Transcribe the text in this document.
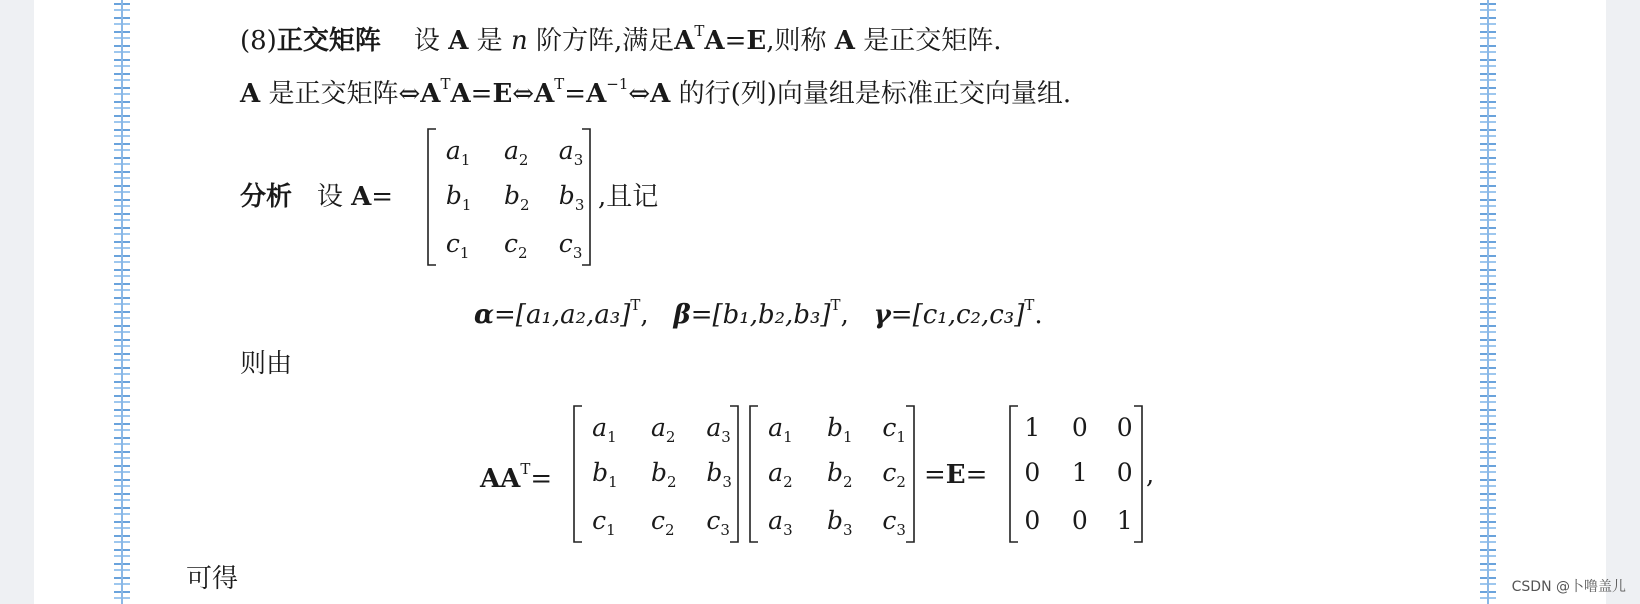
(8)正交矩阵 设 A 是 n 阶方阵,满足$A^TA=E$,则称 A 是正交矩阵.
A 是正交矩阵$\Leftrightarrow A^TA=E\Leftrightarrow A^T=A^{-1}\Leftrightarrow A$ 的行(列)向量组是标准正交向量组.
分析 设 A=
$a_1$ $a_2$ $a_3$
$b_1$ $b_2$ $b_3$
$c_1$ $c_2$ $c_3$
,且记
$\alpha=[a_1,a_2,a_3]^T$, $\beta=[b_1,b_2,b_3]^T$, $\gamma=[c_1,c_2,c_3]^T$.
则由
$AA^T=$
$a_1$ $a_2$ $a_3$
$b_1$ $b_2$ $b_3$
$c_1$ $c_2$ $c_3$
$a_1$ $b_1$ $c_1$
$a_2$ $b_2$ $c_2$
$a_3$ $b_3$ $c_3$
=E=
1 0 0
0 1 0
0 0 1
,
可得	CSDN @卜噜盖儿
